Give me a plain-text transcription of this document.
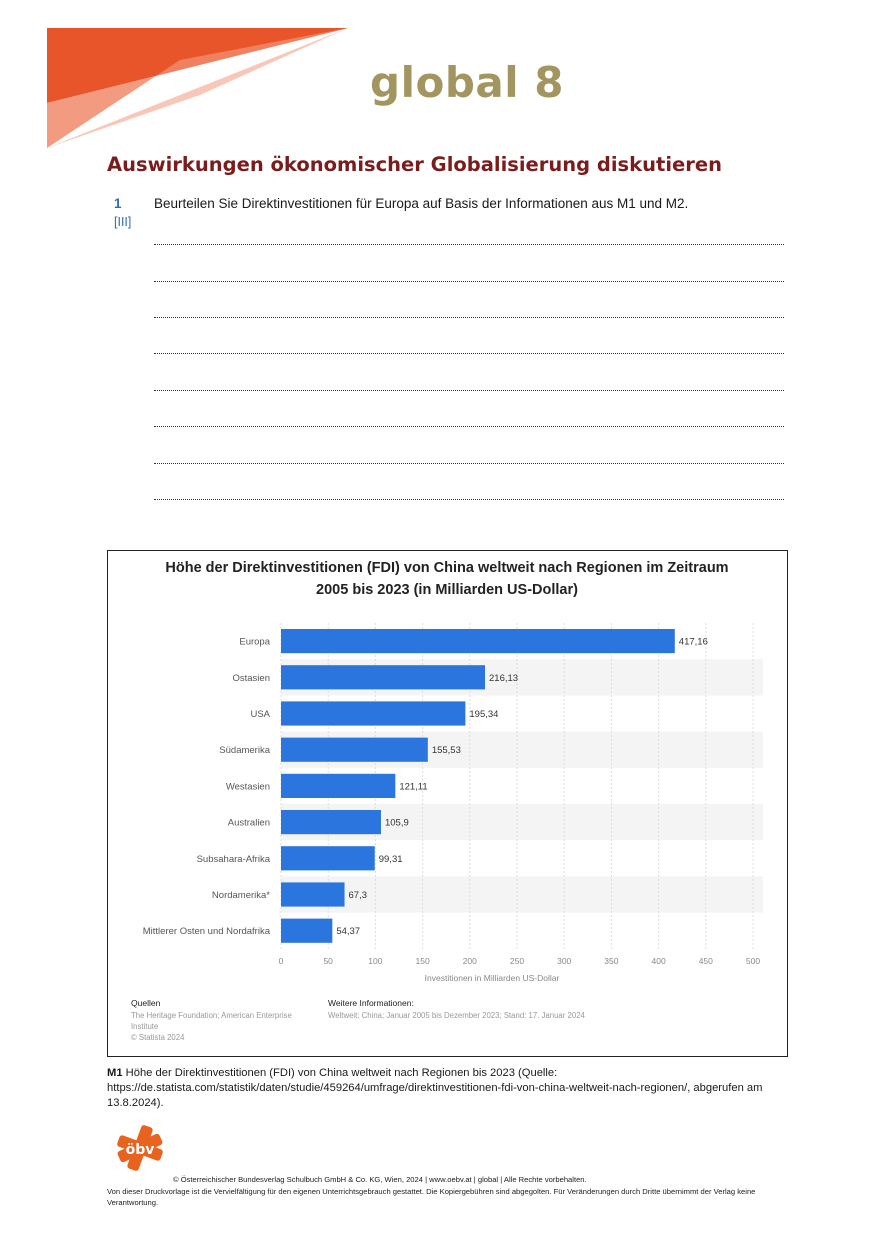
global 8
Auswirkungen ökonomischer Globalisierung diskutieren
1
[III]
Beurteilen Sie Direktinvestitionen für Europa auf Basis der Informationen aus M1 und M2.
Höhe der Direktinvestitionen (FDI) von China weltweit nach Regionen im Zeitraum
2005 bis 2023 (in Milliarden US-Dollar)
0	50	100	150	200	250	300	350	400	450	500
417,16
Europa
216,13
Ostasien
195,34
USA
155,53
Südamerika
121,11
Westasien
105,9
Australien
99,31
Subsahara-Afrika
67,3
Nordamerika*
54,37
Mittlerer Osten und Nordafrika
Investitionen in Milliarden US-Dollar
Quellen
The Heritage Foundation; American Enterprise
Institute
© Statista 2024
Weitere Informationen:
Weltweit; China; Januar 2005 bis Dezember 2023; Stand: 17. Januar 2024
M1 Höhe der Direktinvestitionen (FDI) von China weltweit nach Regionen bis 2023 (Quelle: https://de.statista.com/statistik/daten/studie/459264/umfrage/direktinvestitionen-fdi-von-china-weltweit-nach-regionen/, abgerufen am 13.8.2024).
öbv
© Österreichischer Bundesverlag Schulbuch GmbH & Co. KG, Wien, 2024 | www.oebv.at | global | Alle Rechte vorbehalten.
Von dieser Druckvorlage ist die Vervielfältigung für den eigenen Unterrichtsgebrauch gestattet. Die Kopiergebühren sind abgegolten. Für Veränderungen durch Dritte übernimmt der Verlag keine Verantwortung.
